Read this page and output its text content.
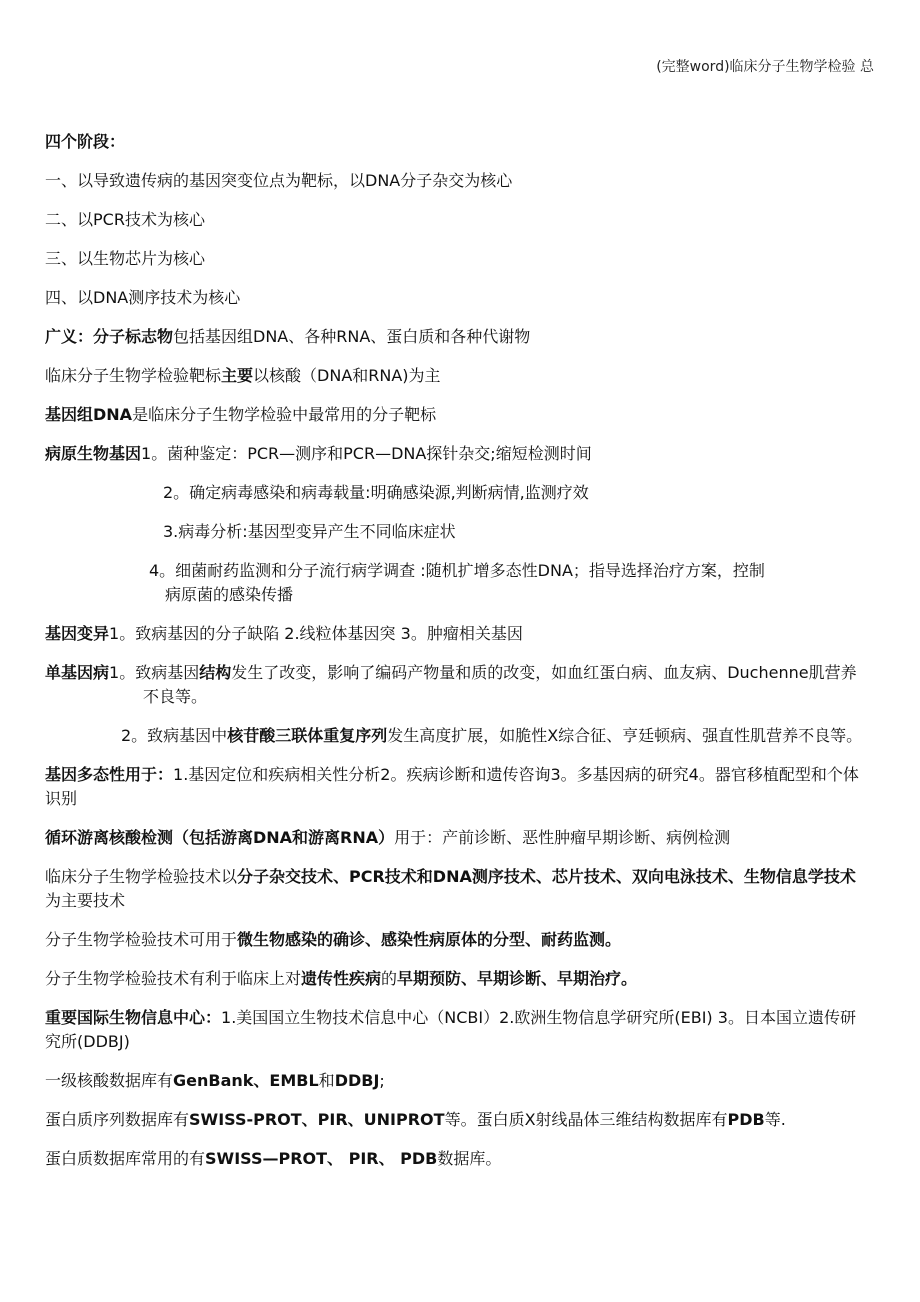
(完整word)临床分子生物学检验 总

四个阶段：

一、以导致遗传病的基因突变位点为靶标，以DNA分子杂交为核心

二、以PCR技术为核心

三、以生物芯片为核心

四、以DNA测序技术为核心

广义：分子标志物包括基因组DNA、各种RNA、蛋白质和各种代谢物

临床分子生物学检验靶标主要以核酸（DNA和RNA)为主

基因组DNA是临床分子生物学检验中最常用的分子靶标

病原生物基因1。菌种鉴定：PCR—测序和PCR—DNA探针杂交;缩短检测时间

2。确定病毒感染和病毒载量:明确感染源,判断病情,监测疗效

3.病毒分析:基因型变异产生不同临床症状

4。细菌耐药监测和分子流行病学调查 :随机扩增多态性DNA；指导选择治疗方案，控制
病原菌的感染传播

基因变异1。致病基因的分子缺陷 2.线粒体基因突 3。肿瘤相关基因

单基因病1。致病基因结构发生了改变，影响了编码产物量和质的改变，如血红蛋白病、血友病、Duchenne肌营养不良等。

2。致病基因中核苷酸三联体重复序列发生高度扩展，如脆性X综合征、亨廷顿病、强直性肌营养不良等。

基因多态性用于：1.基因定位和疾病相关性分析2。疾病诊断和遗传咨询3。多基因病的研究4。器官移植配型和个体识别

循环游离核酸检测（包括游离DNA和游离RNA）用于：产前诊断、恶性肿瘤早期诊断、病例检测

临床分子生物学检验技术以分子杂交技术、PCR技术和DNA测序技术、芯片技术、双向电泳技术、生物信息学技术为主要技术

分子生物学检验技术可用于微生物感染的确诊、感染性病原体的分型、耐药监测。

分子生物学检验技术有利于临床上对遗传性疾病的早期预防、早期诊断、早期治疗。

重要国际生物信息中心：1.美国国立生物技术信息中心（NCBI）2.欧洲生物信息学研究所(EBI) 3。日本国立遗传研究所(DDBJ)

一级核酸数据库有GenBank、EMBL和DDBJ;

蛋白质序列数据库有SWISS-PROT、PIR、UNIPROT等。蛋白质X射线晶体三维结构数据库有PDB等.

蛋白质数据库常用的有SWISS—PROT、 PIR、 PDB数据库。
